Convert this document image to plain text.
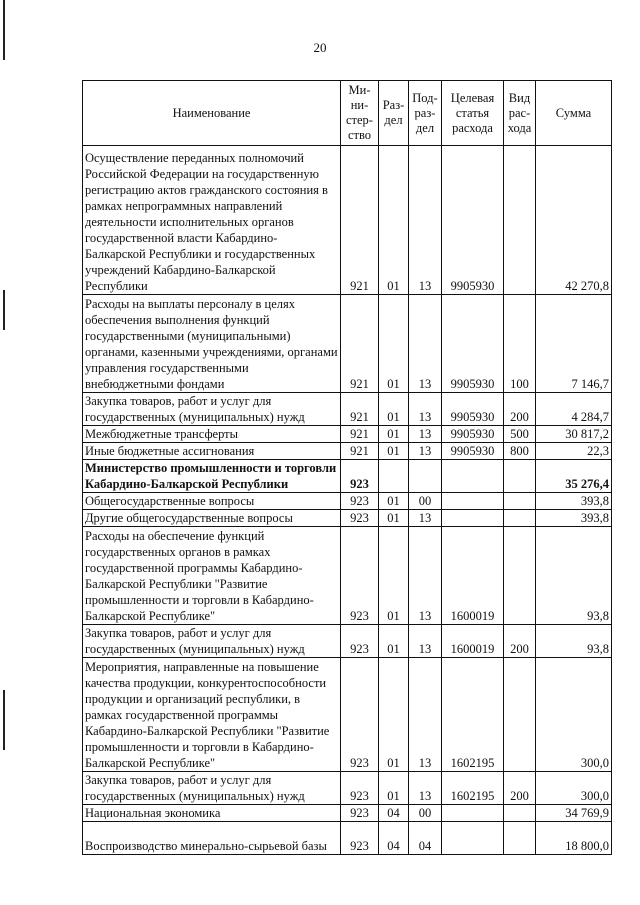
20
Наименование	Ми-ни-стер-ство	Раз-дел	Под-раз-дел	Целевая статья расхода	Вид рас-хода	Сумма
Осуществление переданных полномочий Российской Федерации на государственную регистрацию актов гражданского состояния в рамках непрограммных направлений деятельности исполнительных органов государственной власти Кабардино-Балкарской Республики и государственных учреждений Кабардино-Балкарской Республики	921	01	13	9905930		42 270,8
Расходы на выплаты персоналу в целях обеспечения выполнения функций государственными (муниципальными) органами, казенными учреждениями, органами управления государственными внебюджетными фондами	921	01	13	9905930	100	7 146,7
Закупка товаров, работ и услуг для государственных (муниципальных) нужд	921	01	13	9905930	200	4 284,7
Межбюджетные трансферты	921	01	13	9905930	500	30 817,2
Иные бюджетные ассигнования	921	01	13	9905930	800	22,3
Министерство промышленности и торговли Кабардино-Балкарской Республики	923					35 276,4
Общегосударственные вопросы	923	01	00			393,8
Другие общегосударственные вопросы	923	01	13			393,8
Расходы на обеспечение функций государственных органов в рамках государственной программы Кабардино-Балкарской Республики "Развитие промышленности и торговли в Кабардино-Балкарской Республике"	923	01	13	1600019		93,8
Закупка товаров, работ и услуг для государственных (муниципальных) нужд	923	01	13	1600019	200	93,8
Мероприятия, направленные на повышение качества продукции, конкурентоспособности продукции и организаций республики, в рамках государственной программы Кабардино-Балкарской Республики "Развитие промышленности и торговли в Кабардино-Балкарской Республике"	923	01	13	1602195		300,0
Закупка товаров, работ и услуг для государственных (муниципальных) нужд	923	01	13	1602195	200	300,0
Национальная экономика	923	04	00			34 769,9
Воспроизводство минерально-сырьевой базы	923	04	04			18 800,0
